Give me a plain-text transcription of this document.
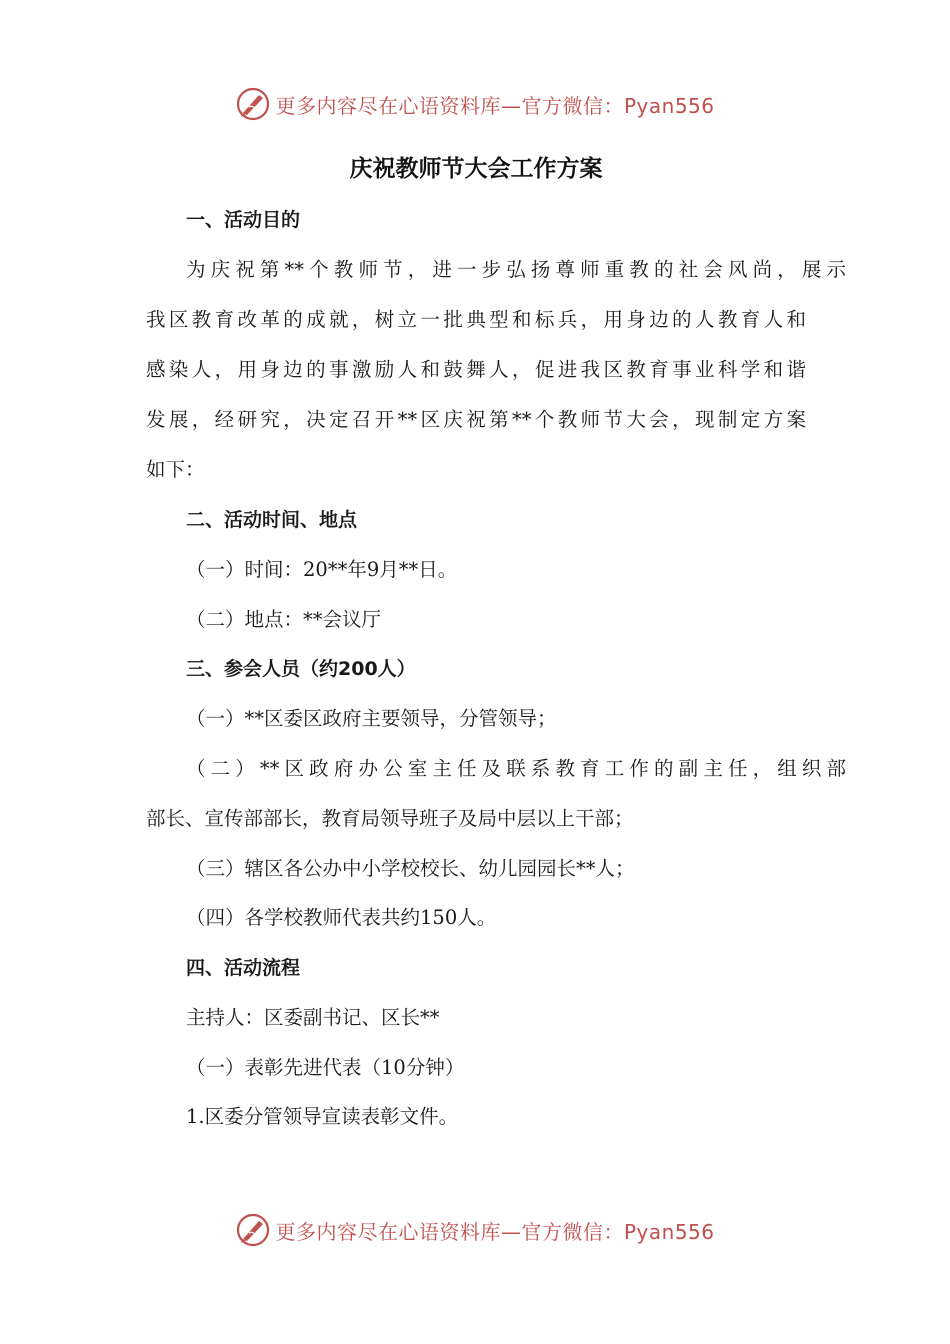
更多内容尽在心语资料库—官方微信：Pyan556
庆祝教师节大会工作方案
一、活动目的
为庆祝第**个教师节，进一步弘扬尊师重教的社会风尚，展示
我区教育改革的成就，树立一批典型和标兵，用身边的人教育人和
感染人，用身边的事激励人和鼓舞人，促进我区教育事业科学和谐
发展，经研究，决定召开**区庆祝第**个教师节大会，现制定方案
如下：
二、活动时间、地点
（一）时间：20**年9月**日。
（二）地点：**会议厅
三、参会人员（约200人）
（一）**区委区政府主要领导，分管领导；
（二）**区政府办公室主任及联系教育工作的副主任，组织部
部长、宣传部部长，教育局领导班子及局中层以上干部；
（三）辖区各公办中小学校校长、幼儿园园长**人；
（四）各学校教师代表共约150人。
四、活动流程
主持人：区委副书记、区长**
（一）表彰先进代表（10分钟）
1.区委分管领导宣读表彰文件。
更多内容尽在心语资料库—官方微信：Pyan556
